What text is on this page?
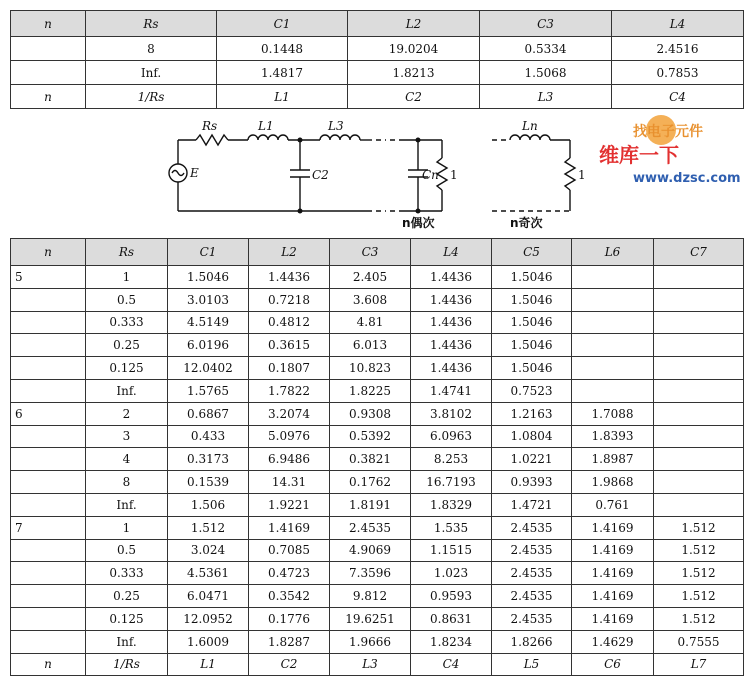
n	Rs	C1	L2	C3	L4
	8	0.1448	19.0204	0.5334	2.4516
	Inf.	1.4817	1.8213	1.5068	0.7853
n	1/Rs	L1	C2	L3	C4
Rs	L1	L3
C2
E	Cn
Ln
1	1
n偶次	n奇次
找电子元件
维库一下
www.dzsc.com
n	Rs	C1	L2	C3	L4	C5	L6	C7
5	1	1.5046	1.4436	2.405	1.4436	1.5046		
	0.5	3.0103	0.7218	3.608	1.4436	1.5046		
	0.333	4.5149	0.4812	4.81	1.4436	1.5046		
	0.25	6.0196	0.3615	6.013	1.4436	1.5046		
	0.125	12.0402	0.1807	10.823	1.4436	1.5046		
	Inf.	1.5765	1.7822	1.8225	1.4741	0.7523		
6	2	0.6867	3.2074	0.9308	3.8102	1.2163	1.7088	
	3	0.433	5.0976	0.5392	6.0963	1.0804	1.8393	
	4	0.3173	6.9486	0.3821	8.253	1.0221	1.8987	
	8	0.1539	14.31	0.1762	16.7193	0.9393	1.9868	
	Inf.	1.506	1.9221	1.8191	1.8329	1.4721	0.761	
7	1	1.512	1.4169	2.4535	1.535	2.4535	1.4169	1.512
	0.5	3.024	0.7085	4.9069	1.1515	2.4535	1.4169	1.512
	0.333	4.5361	0.4723	7.3596	1.023	2.4535	1.4169	1.512
	0.25	6.0471	0.3542	9.812	0.9593	2.4535	1.4169	1.512
	0.125	12.0952	0.1776	19.6251	0.8631	2.4535	1.4169	1.512
	Inf.	1.6009	1.8287	1.9666	1.8234	1.8266	1.4629	0.7555
n	1/Rs	L1	C2	L3	C4	L5	C6	L7
